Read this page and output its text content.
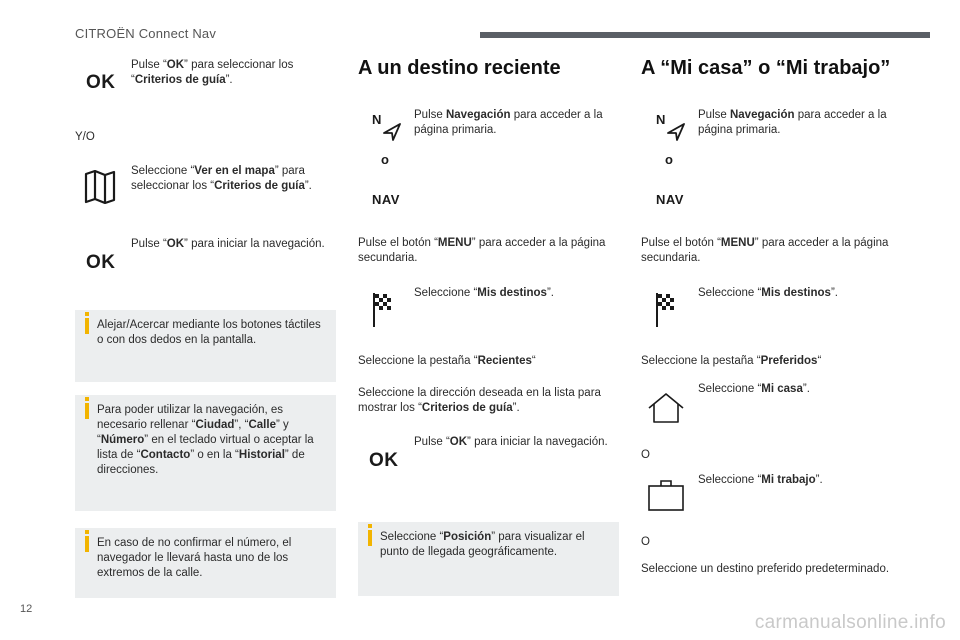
CITROËN Connect Nav
OK
Pulse “OK” para seleccionar los
“Criterios de guía”.
Y/O
Seleccione “Ver en el mapa” para
seleccionar los “Criterios de guía”.
OK
Pulse “OK” para iniciar la navegación.
Alejar/Acercar mediante los botones táctiles
o con dos dedos en la pantalla.
Para poder utilizar la navegación, es
necesario rellenar “Ciudad”, “Calle” y
“Número” en el teclado virtual o aceptar la
lista de “Contacto” o en la “Historial” de
direcciones.
En caso de no confirmar el número, el
navegador le llevará hasta uno de los
extremos de la calle.
A un destino reciente
N
o
NAV
Pulse Navegación para acceder a la
página primaria.
Pulse el botón “MENU” para acceder a la página
secundaria.
Seleccione “Mis destinos”.
Seleccione la pestaña “Recientes“
Seleccione la dirección deseada en la lista para
mostrar los “Criterios de guía”.
OK
Pulse “OK” para iniciar la navegación.
Seleccione “Posición” para visualizar el
punto de llegada geográficamente.
A “Mi casa” o “Mi trabajo”
N
o
NAV
Pulse Navegación para acceder a la
página primaria.
Pulse el botón “MENU” para acceder a la página
secundaria.
Seleccione “Mis destinos”.
Seleccione la pestaña “Preferidos“
Seleccione “Mi casa”.
O
Seleccione “Mi trabajo”.
O
Seleccione un destino preferido predeterminado.
12
carmanualsonline.info
